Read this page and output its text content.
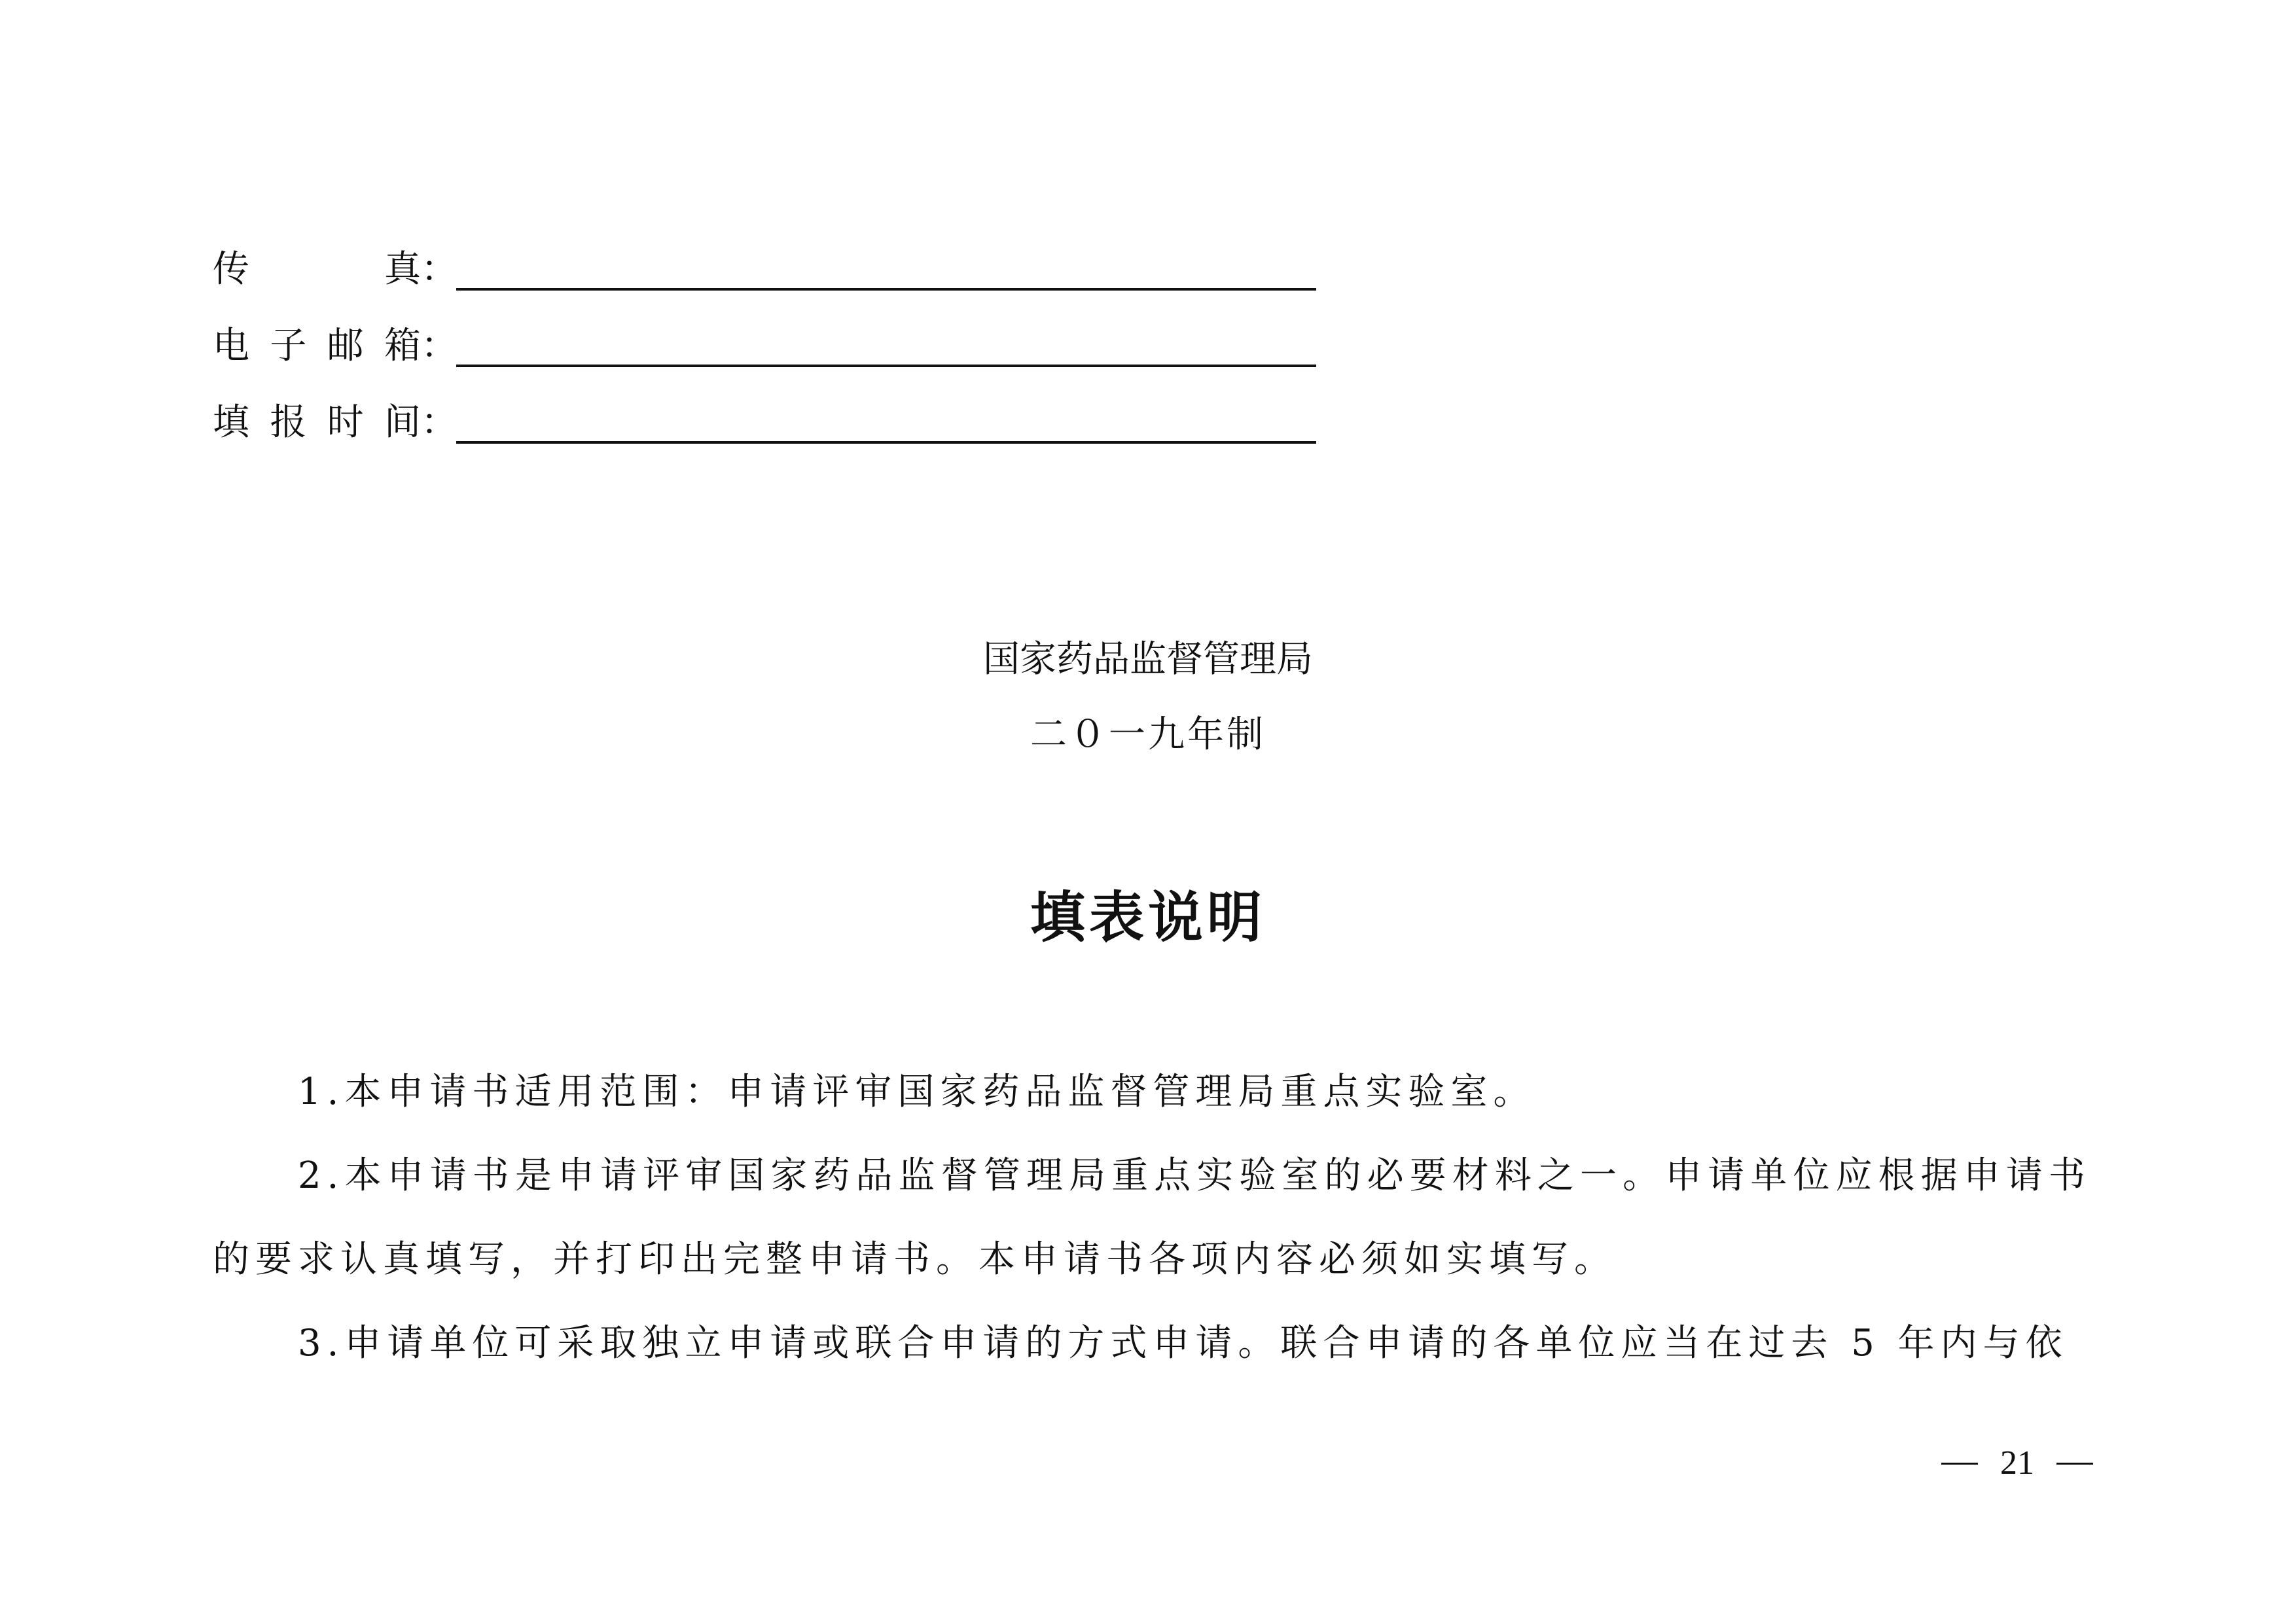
传	真 ：
电 子 邮 箱 ：
填 报 时 间 ：
国家药品监督管理局
二０一九年制
填表说明

1.本申请书适用范围：申请评审国家药品监督管理局重点实验室。

2.本申请书是申请评审国家药品监督管理局重点实验室的必要材料之一。申请单位应根据申请书的要求认真填写，并打印出完整申请书。本申请书各项内容必须如实填写。

3.申请单位可采取独立申请或联合申请的方式申请。联合申请的各单位应当在过去 5 年内与依

21
